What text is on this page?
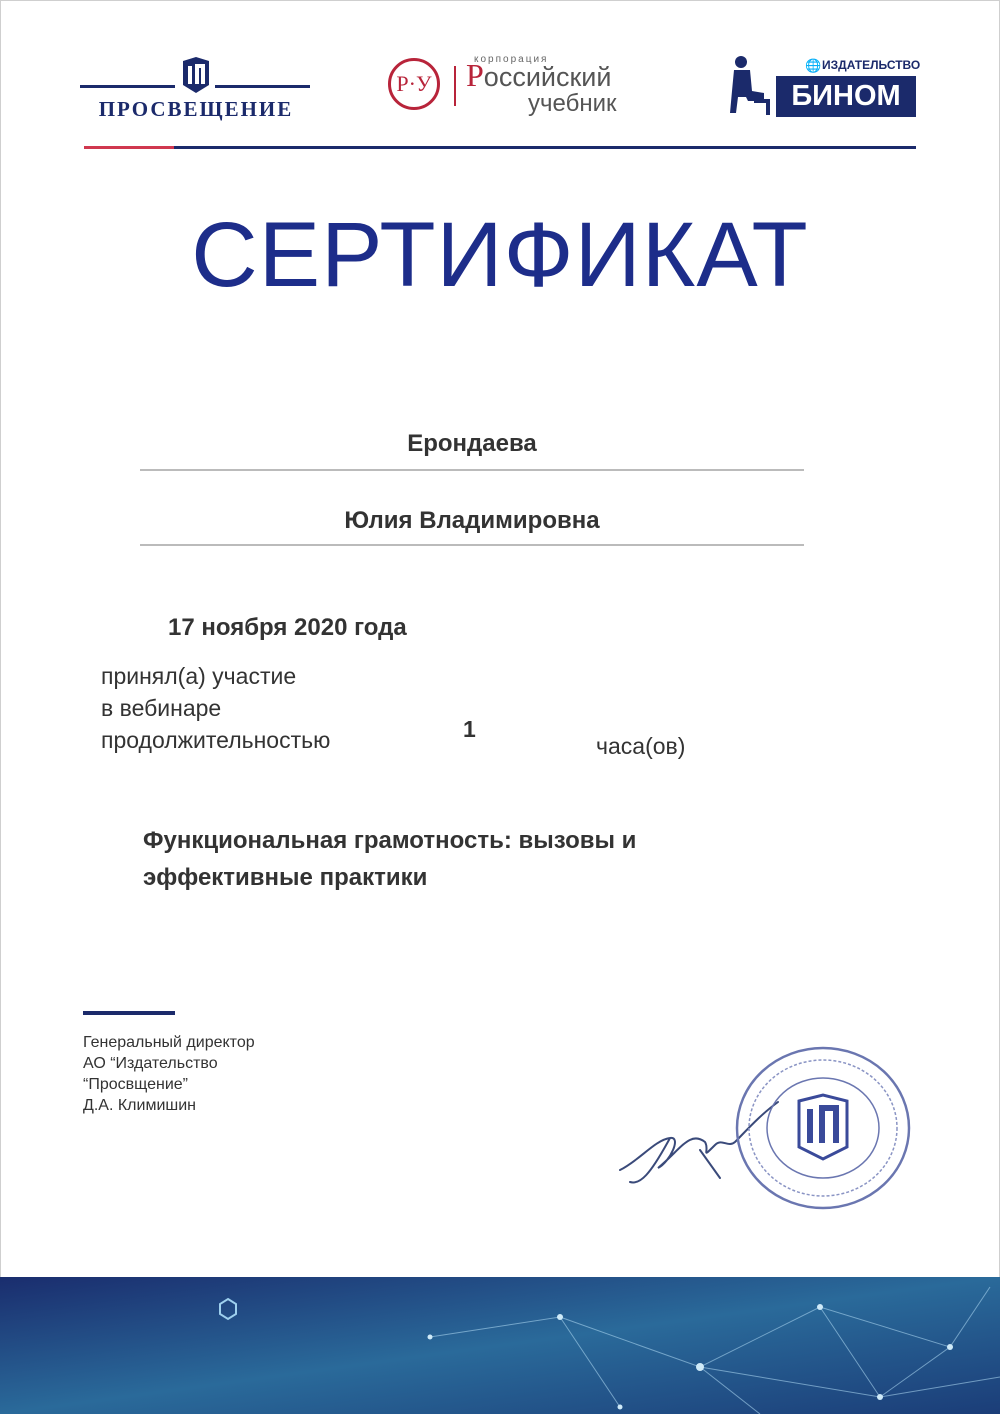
ПРОСВЕЩЕНИЕ
Р·У
корпорация
Российский
учебник
🌐 ИЗДАТЕЛЬСТВО
БИНОМ
СЕРТИФИКАТ
Ерондаева
Юлия Владимировна
17 ноября 2020 года
принял(а) участие
в вебинаре
продолжительностью	1
часа(ов)
Функциональная грамотность: вызовы и эффективные практики
Генеральный директор
АО “Издательство
“Просвщение”
Д.А. Климишин
